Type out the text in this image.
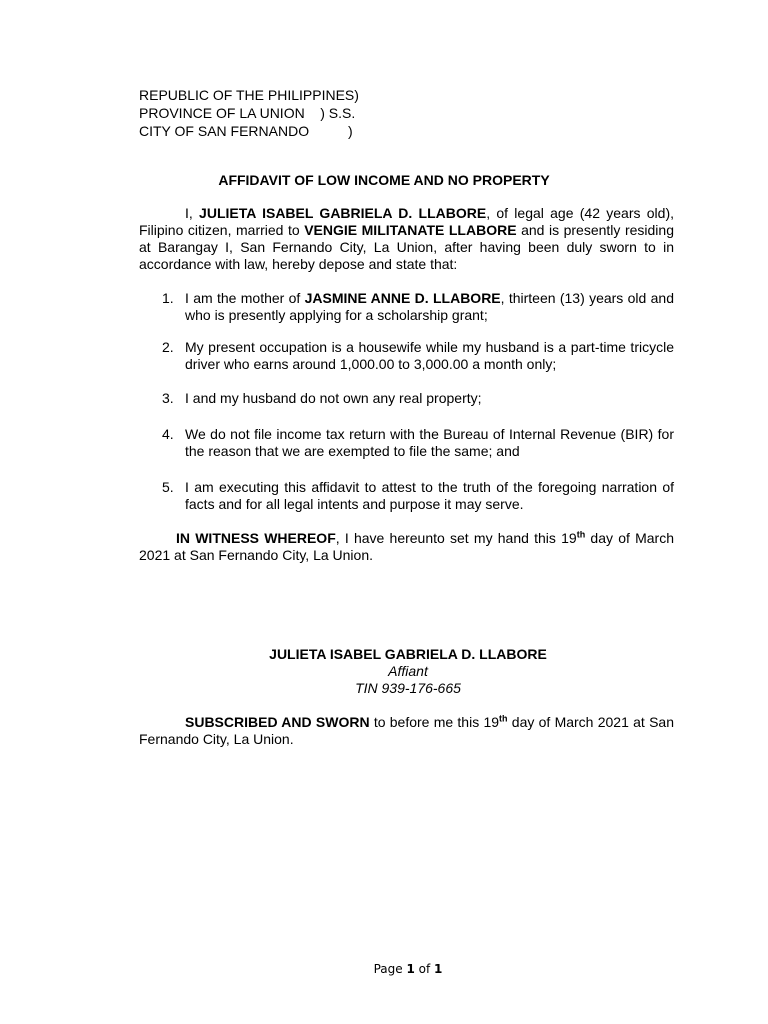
REPUBLIC OF THE PHILIPPINES)
PROVINCE OF LA UNION    ) S.S.
CITY OF SAN FERNANDO          )
AFFIDAVIT OF LOW INCOME AND NO PROPERTY
I, JULIETA ISABEL GABRIELA D. LLABORE, of legal age (42 years old), Filipino citizen, married to VENGIE MILITANATE LLABORE and is presently residing at Barangay I, San Fernando City, La Union, after having been duly sworn to in accordance with law, hereby depose and state that:
1. I am the mother of JASMINE ANNE D. LLABORE, thirteen (13) years old and who is presently applying for a scholarship grant;
2. My present occupation is a housewife while my husband is a part-time tricycle driver who earns around 1,000.00 to 3,000.00 a month only;
3. I and my husband do not own any real property;
4. We do not file income tax return with the Bureau of Internal Revenue (BIR) for the reason that we are exempted to file the same; and
5. I am executing this affidavit to attest to the truth of the foregoing narration of facts and for all legal intents and purpose it may serve.
IN WITNESS WHEREOF, I have hereunto set my hand this 19th day of March 2021 at San Fernando City, La Union.
JULIETA ISABEL GABRIELA D. LLABORE
Affiant
TIN 939-176-665
SUBSCRIBED AND SWORN to before me this 19th day of March 2021 at San Fernando City, La Union.
Page 1 of 1
